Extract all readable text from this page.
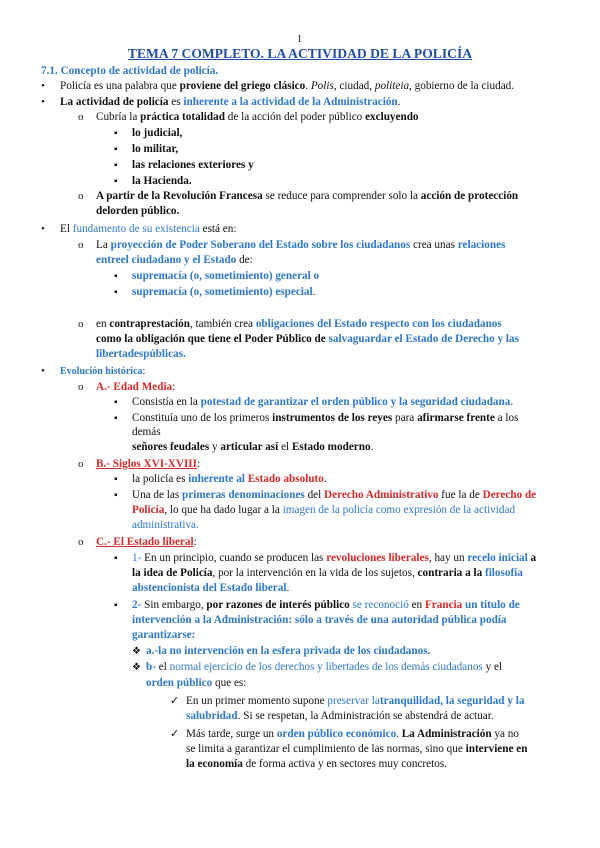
1
TEMA 7 COMPLETO. LA ACTIVIDAD DE LA POLICÍA
7.1. Concepto de actividad de policía.
• Policía es una palabra que proviene del griego clásico. Polis, ciudad, politeia, gobierno de la ciudad.
• La actividad de policía es inherente a la actividad de la Administración.
o Cubría la práctica totalidad de la acción del poder público excluyendo
▪ lo judicial,
▪ lo militar,
▪ las relaciones exteriores y
▪ la Hacienda.
o A partir de la Revolución Francesa se reduce para comprender solo la acción de protección
delorden público.
• El fundamento de su existencia está en:
o La proyección de Poder Soberano del Estado sobre los ciudadanos crea unas relaciones
entreel ciudadano y el Estado de:
▪ supremacía (o, sometimiento) general o
▪ supremacía (o, sometimiento) especial.
o en contraprestación, también crea obligaciones del Estado respecto con los ciudadanos
como la obligación que tiene el Poder Público de salvaguardar el Estado de Derecho y las
libertadespúblicas.
• Evolución histórica:
o A.- Edad Media:
▪ Consistía en la potestad de garantizar el orden público y la seguridad ciudadana.
▪ Constituía uno de los primeros instrumentos de los reyes para afirmarse frente a los
demás
señores feudales y articular así el Estado moderno.
o B.- Siglos XVI-XVIII:
▪ la policía es inherente al Estado absoluto.
▪ Una de las primeras denominaciones del Derecho Administrativo fue la de Derecho de
Policía, lo que ha dado lugar a la imagen de la policía como expresión de la actividad
administrativa.
o C.- El Estado liberal:
▪ 1- En un principio, cuando se producen las revoluciones liberales, hay un recelo inicial a
la idea de Policía, por la intervención en la vida de los sujetos, contraria a la filosofía
abstencionista del Estado liberal.
▪ 2- Sin embargo, por razones de interés público se reconoció en Francia un título de
intervención a la Administración: sólo a través de una autoridad pública podía
garantizarse:
❖ a.-la no intervención en la esfera privada de los ciudadanos.
❖ b- el normal ejercicio de los derechos y libertades de los demás ciudadanos y el
orden público que es:
✓ En un primer momento supone preservar latranquilidad, la seguridad y la
salubridad. Si se respetan, la Administración se abstendrá de actuar.
✓ Más tarde, surge un orden público económico. La Administración ya no
se limita a garantizar el cumplimiento de las normas, sino que interviene en
la economía de forma activa y en sectores muy concretos.
